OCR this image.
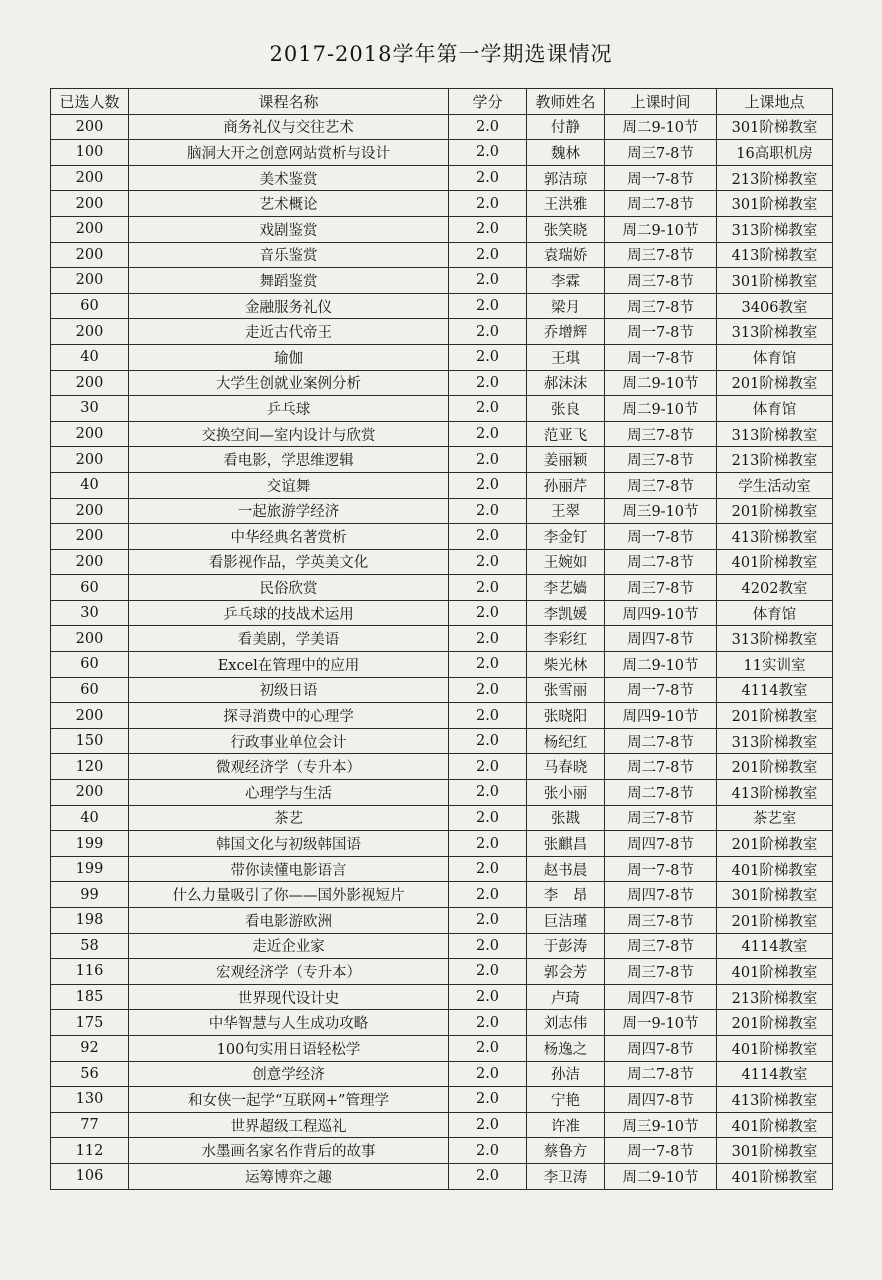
2017-2018学年第一学期选课情况
已选人数	课程名称	学分	教师姓名	上课时间	上课地点
200	商务礼仪与交往艺术	2.0	付静	周二9-10节	301阶梯教室
100	脑洞大开之创意网站赏析与设计	2.0	魏林	周三7-8节	16高职机房
200	美术鉴赏	2.0	郭洁琼	周一7-8节	213阶梯教室
200	艺术概论	2.0	王洪雅	周二7-8节	301阶梯教室
200	戏剧鉴赏	2.0	张笑晓	周二9-10节	313阶梯教室
200	音乐鉴赏	2.0	袁瑞娇	周三7-8节	413阶梯教室
200	舞蹈鉴赏	2.0	李霖	周三7-8节	301阶梯教室
60	金融服务礼仪	2.0	梁月	周三7-8节	3406教室
200	走近古代帝王	2.0	乔增辉	周一7-8节	313阶梯教室
40	瑜伽	2.0	王琪	周一7-8节	体育馆
200	大学生创就业案例分析	2.0	郝沫沫	周二9-10节	201阶梯教室
30	乒乓球	2.0	张良	周二9-10节	体育馆
200	交换空间—室内设计与欣赏	2.0	范亚飞	周三7-8节	313阶梯教室
200	看电影，学思维逻辑	2.0	姜丽颖	周三7-8节	213阶梯教室
40	交谊舞	2.0	孙丽芹	周三7-8节	学生活动室
200	一起旅游学经济	2.0	王翠	周三9-10节	201阶梯教室
200	中华经典名著赏析	2.0	李金钉	周一7-8节	413阶梯教室
200	看影视作品，学英美文化	2.0	王婉如	周二7-8节	401阶梯教室
60	民俗欣赏	2.0	李艺嫱	周三7-8节	4202教室
30	乒乓球的技战术运用	2.0	李凯媛	周四9-10节	体育馆
200	看美剧，学美语	2.0	李彩红	周四7-8节	313阶梯教室
60	Excel在管理中的应用	2.0	柴光林	周二9-10节	11实训室
60	初级日语	2.0	张雪丽	周一7-8节	4114教室
200	探寻消费中的心理学	2.0	张晓阳	周四9-10节	201阶梯教室
150	行政事业单位会计	2.0	杨纪红	周二7-8节	313阶梯教室
120	微观经济学（专升本）	2.0	马春晓	周二7-8节	201阶梯教室
200	心理学与生活	2.0	张小丽	周二7-8节	413阶梯教室
40	茶艺	2.0	张戡	周三7-8节	茶艺室
199	韩国文化与初级韩国语	2.0	张麒昌	周四7-8节	201阶梯教室
199	带你读懂电影语言	2.0	赵书晨	周一7-8节	401阶梯教室
99	什么力量吸引了你——国外影视短片	2.0	李　昂	周四7-8节	301阶梯教室
198	看电影游欧洲	2.0	巨洁瑾	周三7-8节	201阶梯教室
58	走近企业家	2.0	于彭涛	周三7-8节	4114教室
116	宏观经济学（专升本）	2.0	郭会芳	周三7-8节	401阶梯教室
185	世界现代设计史	2.0	卢琦	周四7-8节	213阶梯教室
175	中华智慧与人生成功攻略	2.0	刘志伟	周一9-10节	201阶梯教室
92	100句实用日语轻松学	2.0	杨逸之	周四7-8节	401阶梯教室
56	创意学经济	2.0	孙洁	周二7-8节	4114教室
130	和女侠一起学“互联网+”管理学	2.0	宁艳	周四7-8节	413阶梯教室
77	世界超级工程巡礼	2.0	许准	周三9-10节	401阶梯教室
112	水墨画名家名作背后的故事	2.0	蔡鲁方	周一7-8节	301阶梯教室
106	运筹博弈之趣	2.0	李卫涛	周二9-10节	401阶梯教室
